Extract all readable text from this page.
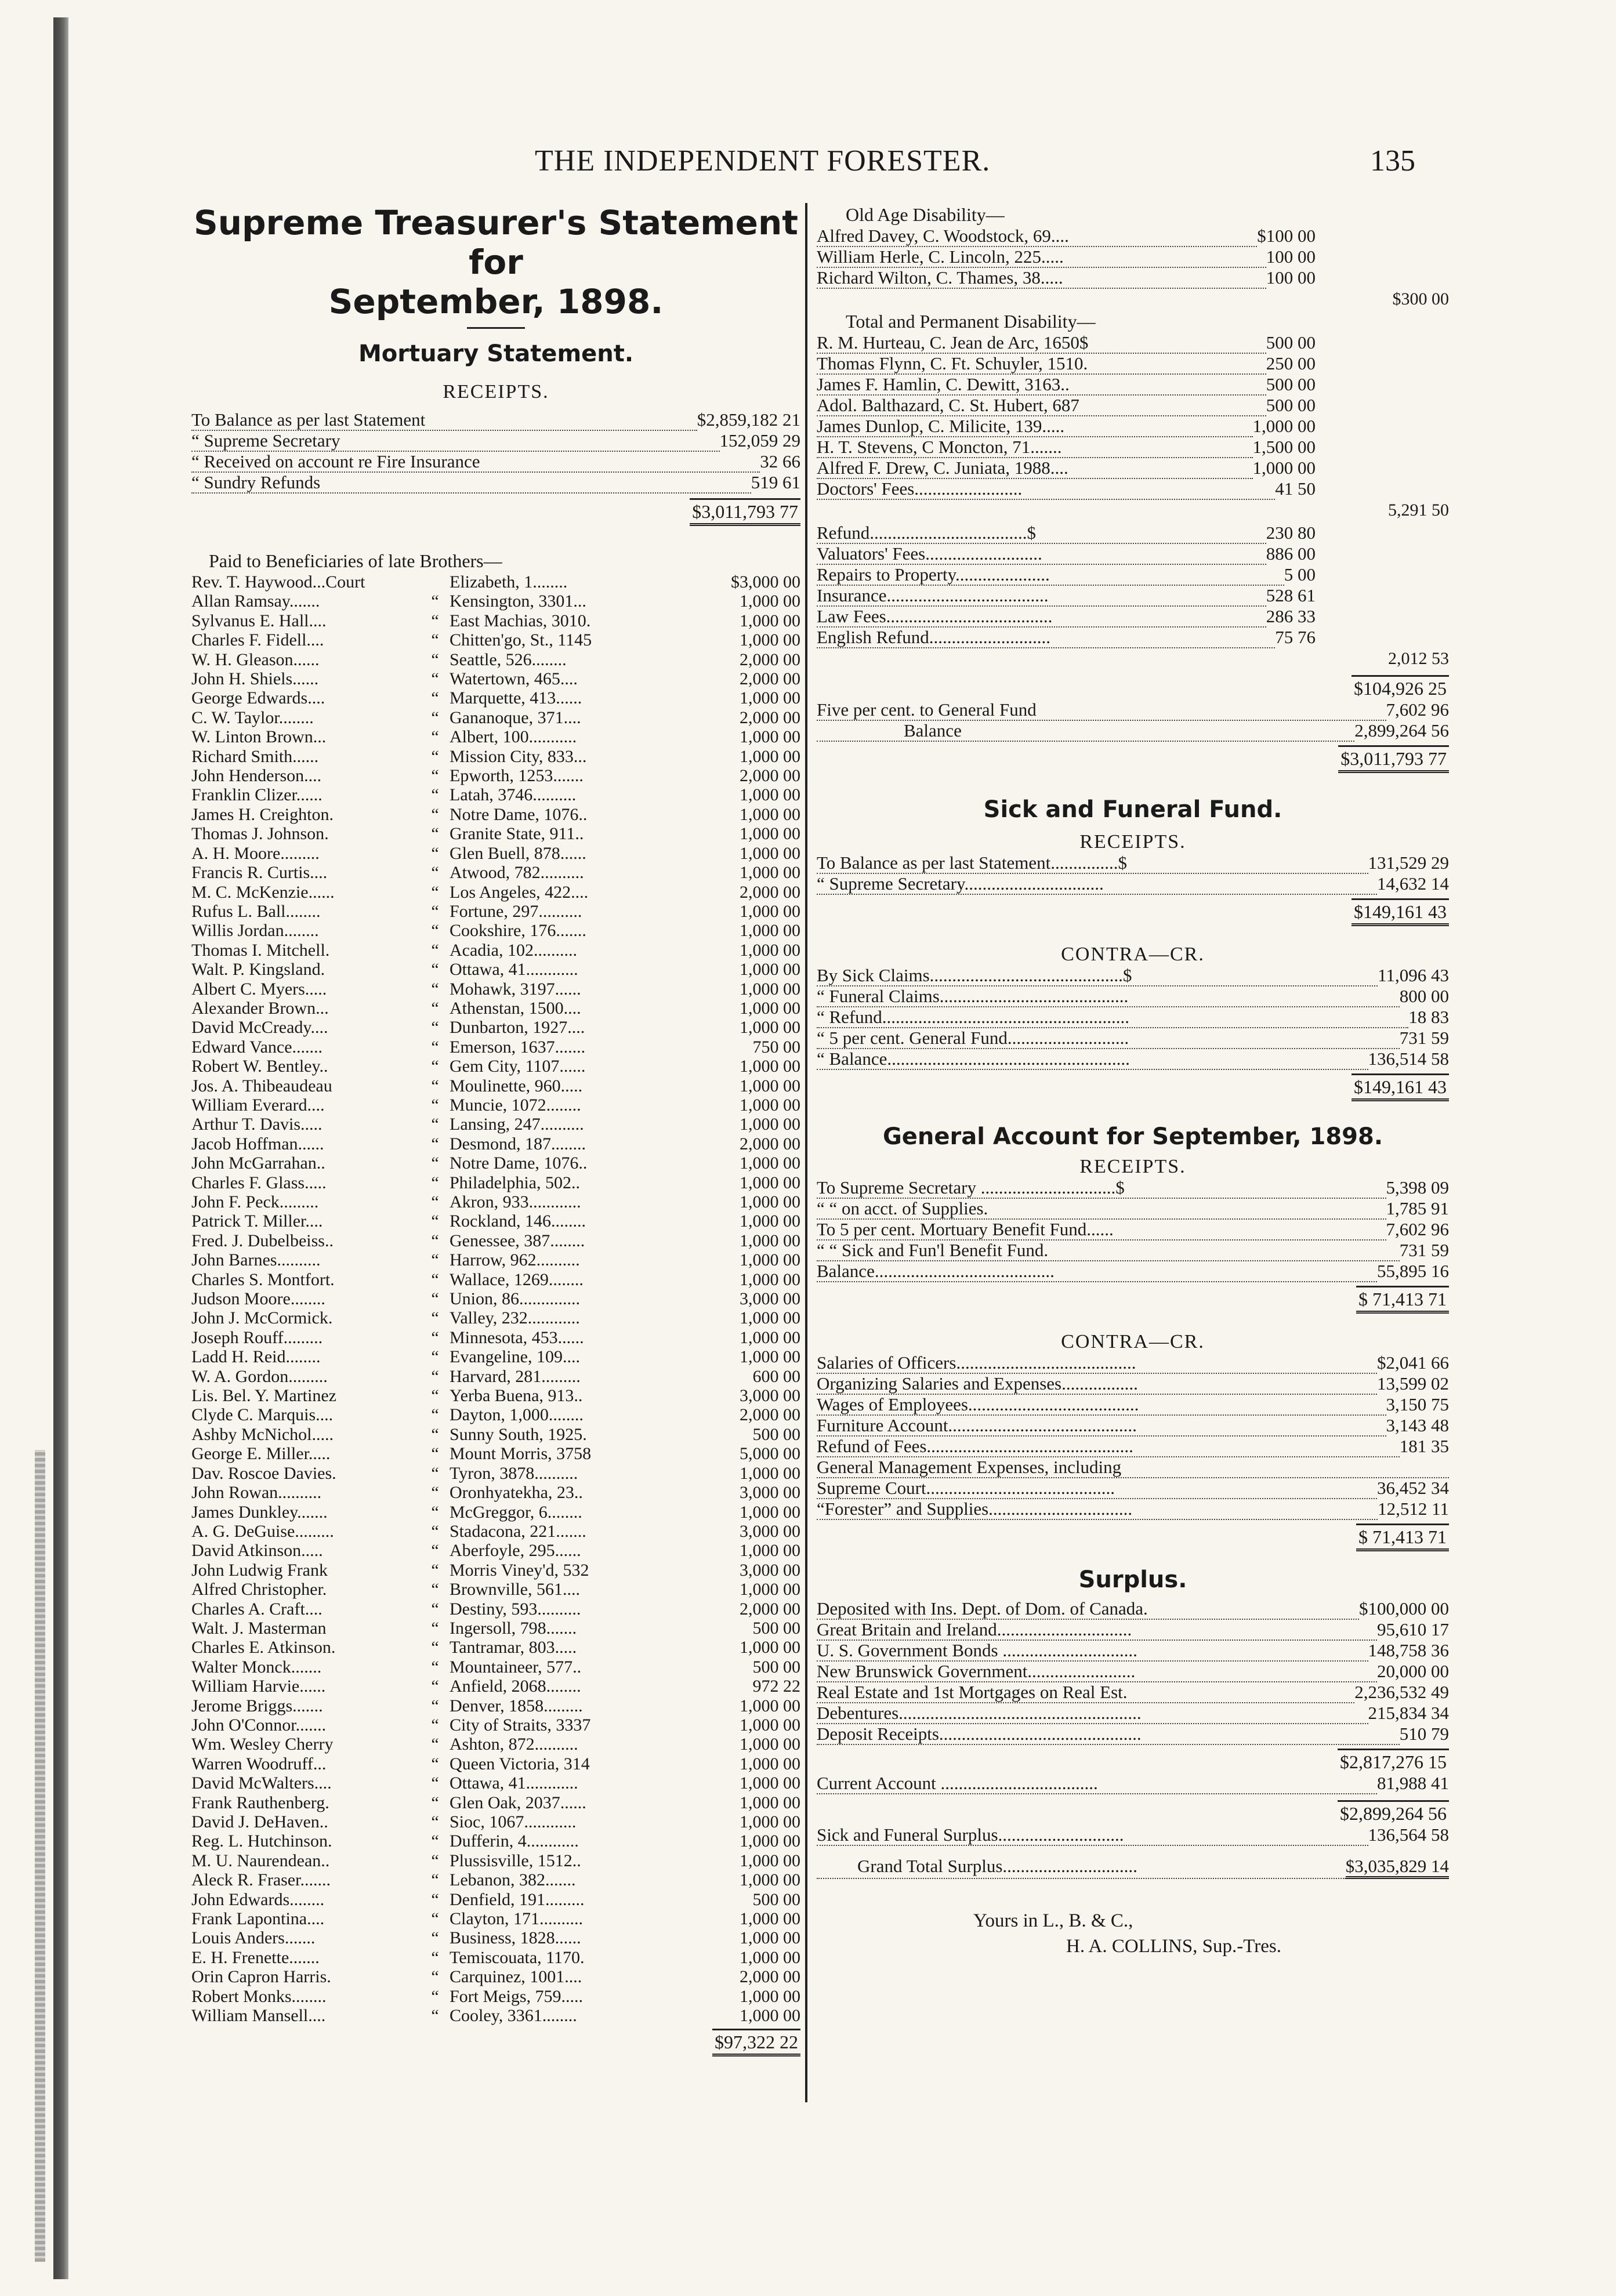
THE INDEPENDENT FORESTER.	135
Supreme Treasurer's Statement for
September, 1898.
Mortuary Statement.
RECEIPTS.
To Balance as per last Statement	$2,859,182 21
“ Supreme Secretary	152,059 29
“ Received on account re Fire Insurance	32 66
“ Sundry Refunds	519 61
$3,011,793 77
Paid to Beneficiaries of late Brothers—
Rev. T. Haywood...Court	Elizabeth, 1........	$3,000 00
Allan Ramsay.......	“ Kensington, 3301...	1,000 00
Sylvanus E. Hall....	“ East Machias, 3010.	1,000 00
Charles F. Fidell....	“ Chitten'go, St., 1145	1,000 00
W. H. Gleason......	“ Seattle, 526........	2,000 00
John H. Shiels......	“ Watertown, 465....	2,000 00
George Edwards....	“ Marquette, 413......	1,000 00
C. W. Taylor........	“ Gananoque, 371....	2,000 00
W. Linton Brown...	“ Albert, 100...........	1,000 00
Richard Smith......	“ Mission City, 833...	1,000 00
John Henderson....	“ Epworth, 1253.......	2,000 00
Franklin Clizer......	“ Latah, 3746..........	1,000 00
James H. Creighton.	“ Notre Dame, 1076..	1,000 00
Thomas J. Johnson.	“ Granite State, 911..	1,000 00
A. H. Moore.........	“ Glen Buell, 878......	1,000 00
Francis R. Curtis....	“ Atwood, 782..........	1,000 00
M. C. McKenzie......	“ Los Angeles, 422....	2,000 00
Rufus L. Ball........	“ Fortune, 297..........	1,000 00
Willis Jordan........	“ Cookshire, 176.......	1,000 00
Thomas I. Mitchell.	“ Acadia, 102..........	1,000 00
Walt. P. Kingsland.	“ Ottawa, 41............	1,000 00
Albert C. Myers.....	“ Mohawk, 3197......	1,000 00
Alexander Brown...	“ Athenstan, 1500....	1,000 00
David McCready....	“ Dunbarton, 1927....	1,000 00
Edward Vance.......	“ Emerson, 1637.......	750 00
Robert W. Bentley..	“ Gem City, 1107......	1,000 00
Jos. A. Thibeaudeau	“ Moulinette, 960.....	1,000 00
William Everard....	“ Muncie, 1072........	1,000 00
Arthur T. Davis.....	“ Lansing, 247..........	1,000 00
Jacob Hoffman......	“ Desmond, 187........	2,000 00
John McGarrahan..	“ Notre Dame, 1076..	1,000 00
Charles F. Glass.....	“ Philadelphia, 502..	1,000 00
John F. Peck.........	“ Akron, 933............	1,000 00
Patrick T. Miller....	“ Rockland, 146........	1,000 00
Fred. J. Dubelbeiss..	“ Genessee, 387........	1,000 00
John Barnes..........	“ Harrow, 962..........	1,000 00
Charles S. Montfort.	“ Wallace, 1269........	1,000 00
Judson Moore........	“ Union, 86..............	3,000 00
John J. McCormick.	“ Valley, 232............	1,000 00
Joseph Rouff.........	“ Minnesota, 453......	1,000 00
Ladd H. Reid........	“ Evangeline, 109....	1,000 00
W. A. Gordon.........	“ Harvard, 281.........	600 00
Lis. Bel. Y. Martinez	“ Yerba Buena, 913..	3,000 00
Clyde C. Marquis....	“ Dayton, 1,000........	2,000 00
Ashby McNichol.....	“ Sunny South, 1925.	500 00
George E. Miller.....	“ Mount Morris, 3758	5,000 00
Dav. Roscoe Davies.	“ Tyron, 3878..........	1,000 00
John Rowan..........	“ Oronhyatekha, 23..	3,000 00
James Dunkley.......	“ McGreggor, 6........	1,000 00
A. G. DeGuise.........	“ Stadacona, 221.......	3,000 00
David Atkinson.....	“ Aberfoyle, 295......	1,000 00
John Ludwig Frank	“ Morris Viney'd, 532	3,000 00
Alfred Christopher.	“ Brownville, 561....	1,000 00
Charles A. Craft....	“ Destiny, 593..........	2,000 00
Walt. J. Masterman	“ Ingersoll, 798.......	500 00
Charles E. Atkinson.	“ Tantramar, 803.....	1,000 00
Walter Monck.......	“ Mountaineer, 577..	500 00
William Harvie......	“ Anfield, 2068........	972 22
Jerome Briggs.......	“ Denver, 1858.........	1,000 00
John O'Connor.......	“ City of Straits, 3337	1,000 00
Wm. Wesley Cherry	“ Ashton, 872..........	1,000 00
Warren Woodruff...	“ Queen Victoria, 314	1,000 00
David McWalters....	“ Ottawa, 41............	1,000 00
Frank Rauthenberg.	“ Glen Oak, 2037......	1,000 00
David J. DeHaven..	“ Sioc, 1067............	1,000 00
Reg. L. Hutchinson.	“ Dufferin, 4............	1,000 00
M. U. Naurendean..	“ Plussisville, 1512..	1,000 00
Aleck R. Fraser.......	“ Lebanon, 382.......	1,000 00
John Edwards........	“ Denfield, 191.........	500 00
Frank Lapontina....	“ Clayton, 171..........	1,000 00
Louis Anders.......	“ Business, 1828......	1,000 00
E. H. Frenette.......	“ Temiscouata, 1170.	1,000 00
Orin Capron Harris.	“ Carquinez, 1001....	2,000 00
Robert Monks........	“ Fort Meigs, 759.....	1,000 00
William Mansell....	“ Cooley, 3361........	1,000 00
$97,322 22
Old Age Disability—
Alfred Davey, C. Woodstock, 69....	$100 00
William Herle, C. Lincoln, 225.....	100 00
Richard Wilton, C. Thames, 38.....	100 00
$300 00
Total and Permanent Disability—
R. M. Hurteau, C. Jean de Arc, 1650$	500 00
Thomas Flynn, C. Ft. Schuyler, 1510.	250 00
James F. Hamlin, C. Dewitt, 3163..	500 00
Adol. Balthazard, C. St. Hubert, 687	500 00
James Dunlop, C. Milicite, 139.....	1,000 00
H. T. Stevens, C Moncton, 71.......	1,500 00
Alfred F. Drew, C. Juniata, 1988....	1,000 00
Doctors' Fees........................	41 50
5,291 50
Refund...................................$	230 80
Valuators' Fees..........................	886 00
Repairs to Property.....................	5 00
Insurance....................................	528 61
Law Fees.....................................	286 33
English Refund...........................	75 76
2,012 53
$104,926 25
Five per cent. to General Fund	7,602 96
Balance	2,899,264 56
$3,011,793 77
Sick and Funeral Fund.
RECEIPTS.
To Balance as per last Statement...............$	131,529 29
“ Supreme Secretary...............................	14,632 14
$149,161 43
CONTRA—CR.
By Sick Claims...........................................$	11,096 43
“ Funeral Claims..........................................	800 00
“ Refund.......................................................	18 83
“ 5 per cent. General Fund...........................	731 59
“ Balance......................................................	136,514 58
$149,161 43
General Account for September, 1898.
RECEIPTS.
To Supreme Secretary ..............................$	5,398 09
“ “ on acct. of Supplies.	1,785 91
To 5 per cent. Mortuary Benefit Fund......	7,602 96
“ “ Sick and Fun'l Benefit Fund.	731 59
Balance........................................	55,895 16
$ 71,413 71
CONTRA—CR.
Salaries of Officers........................................	$2,041 66
Organizing Salaries and Expenses.................	13,599 02
Wages of Employees......................................	3,150 75
Furniture Account..........................................	3,143 48
Refund of Fees..............................................	181 35
General Management Expenses, including
Supreme Court..........................................	36,452 34
“Forester” and Supplies................................	12,512 11
$ 71,413 71
Surplus.
Deposited with Ins. Dept. of Dom. of Canada.	$100,000 00
Great Britain and Ireland..............................	95,610 17
U. S. Government Bonds ..............................	148,758 36
New Brunswick Government........................	20,000 00
Real Estate and 1st Mortgages on Real Est.	2,236,532 49
Debentures......................................................	215,834 34
Deposit Receipts.............................................	510 79
$2,817,276 15
Current Account ...................................	81,988 41
$2,899,264 56
Sick and Funeral Surplus............................	136,564 58
Grand Total Surplus..............................	$3,035,829 14
Yours in L., B. & C.,
H. A. COLLINS, Sup.-Tres.
